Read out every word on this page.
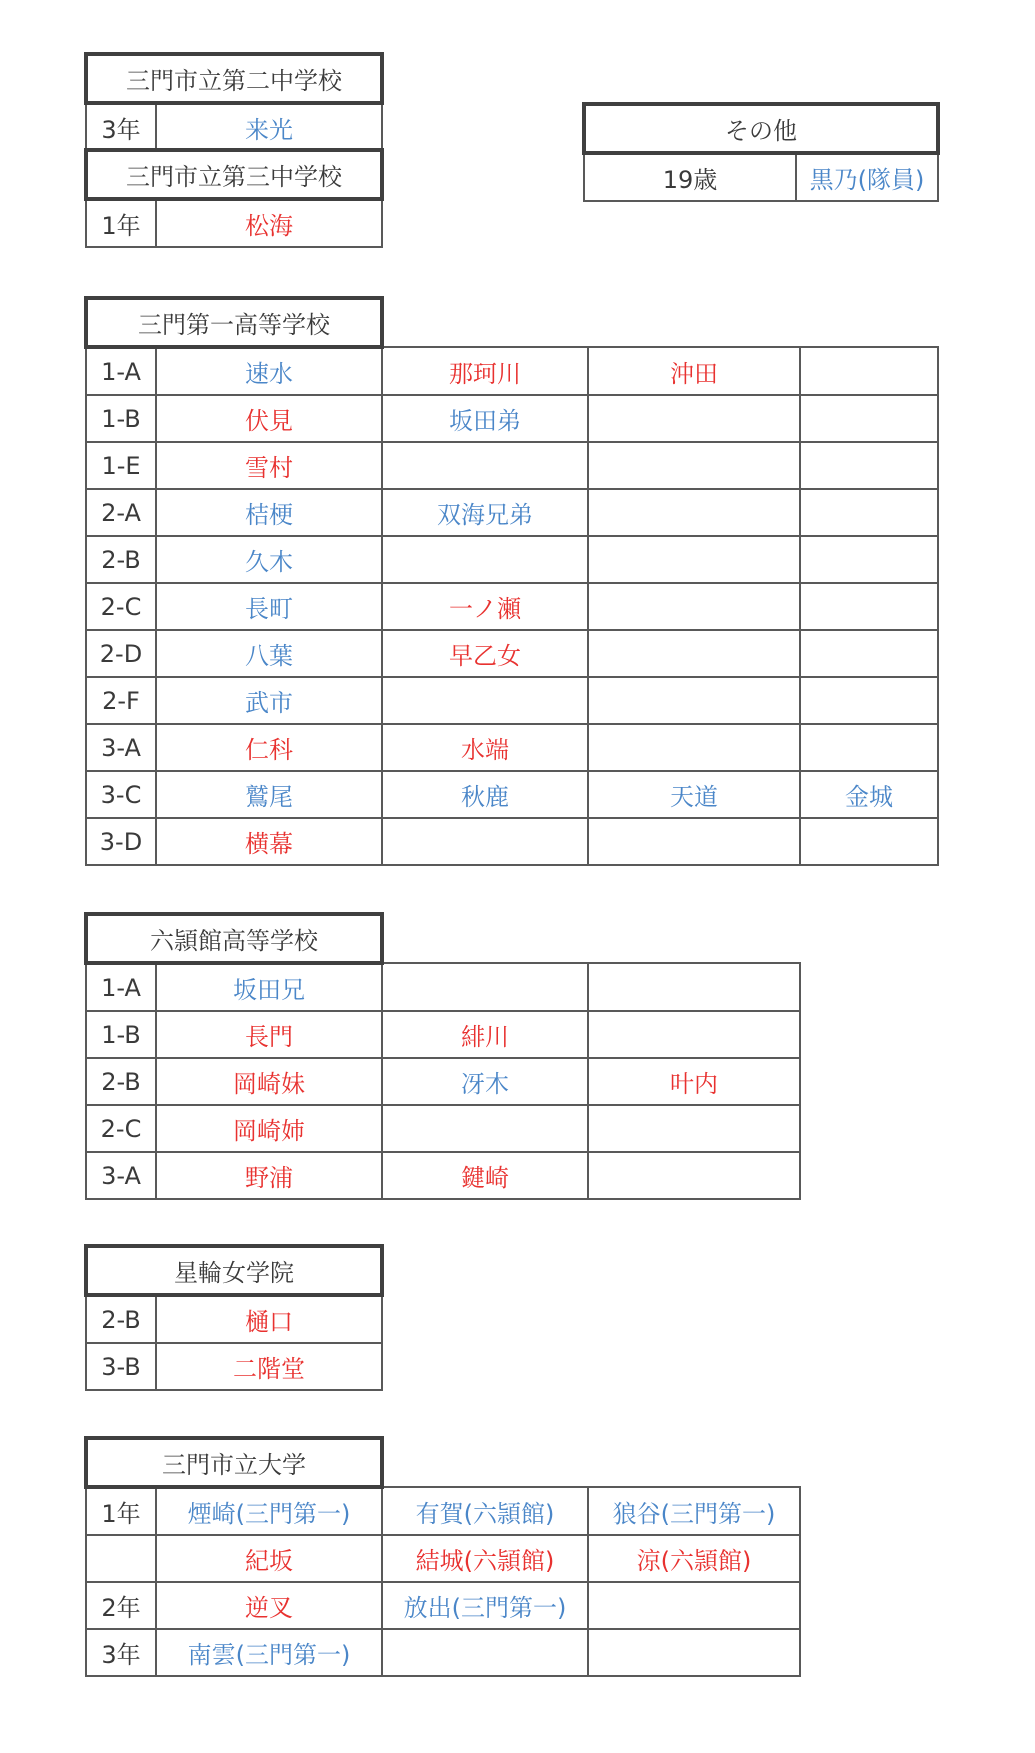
三門市立第二中学校
3年	来光
三門市立第三中学校
1年	松海
その他
19歳	黒乃(隊員)
三門第一高等学校				
1-A	速水	那珂川	沖田	
1-B	伏見	坂田弟		
1-E	雪村			
2-A	桔梗	双海兄弟		
2-B	久木			
2-C	長町	一ノ瀬		
2-D	八葉	早乙女		
2-F	武市			
3-A	仁科	水端		
3-C	鷲尾	秋鹿	天道	金城
3-D	横幕			
六頴館高等学校			
1-A	坂田兄		
1-B	長門	緋川	
2-B	岡崎妹	冴木	叶内
2-C	岡崎姉		
3-A	野浦	鍵崎	
星輪女学院	
2-B	樋口
3-B	二階堂
三門市立大学			
1年	煙崎(三門第一)	有賀(六頴館)	狼谷(三門第一)
	紀坂	結城(六頴館)	涼(六頴館)
2年	逆叉	放出(三門第一)	
3年	南雲(三門第一)		
